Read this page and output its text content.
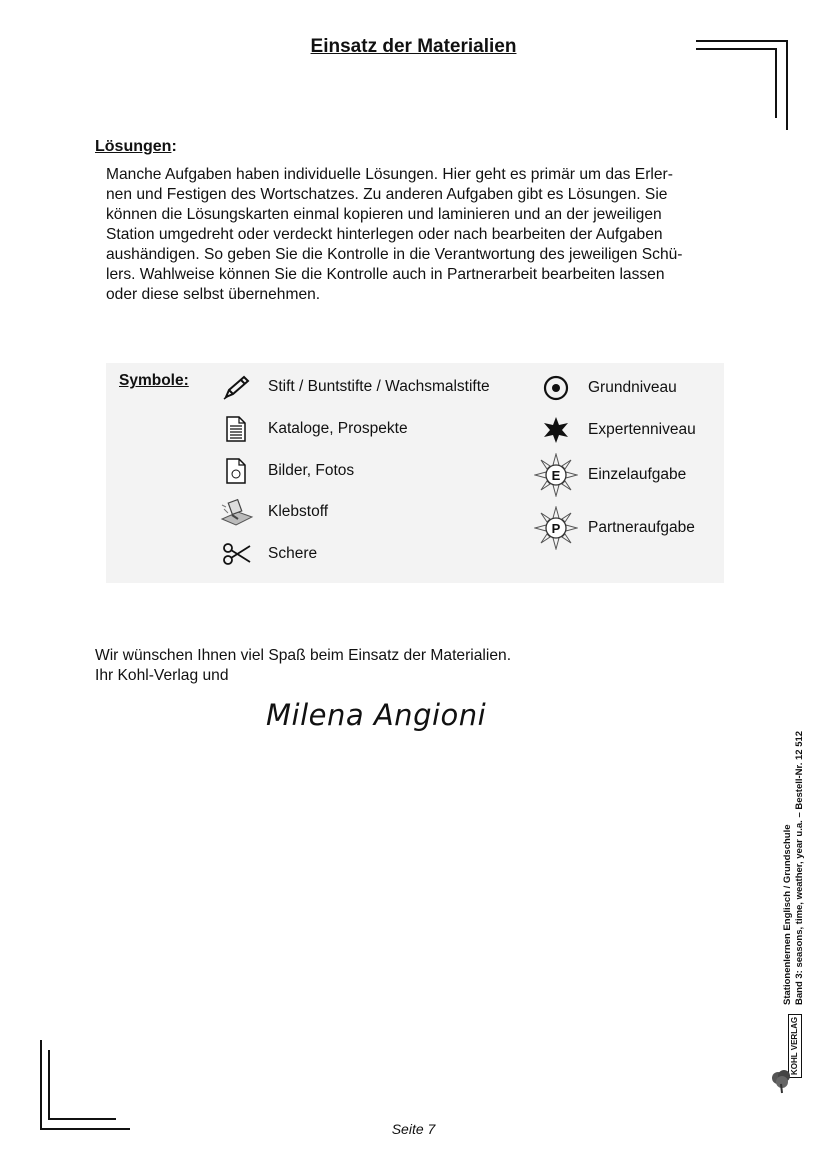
Einsatz der Materialien
Lösungen:
Manche Aufgaben haben individuelle Lösungen. Hier geht es primär um das Erler-
nen und Festigen des Wortschatzes. Zu anderen Aufgaben gibt es Lösungen. Sie
können die Lösungskarten einmal kopieren und laminieren und an der jeweiligen
Station umgedreht oder verdeckt hinterlegen oder nach bearbeiten der Aufgaben
aushändigen. So geben Sie die Kontrolle in die Verantwortung des jeweiligen Schü-
lers. Wahlweise können Sie die Kontrolle auch in Partnerarbeit bearbeiten lassen
oder diese selbst übernehmen.
Symbole:	Stift / Buntstifte / Wachsmalstifte
Kataloge, Prospekte
Bilder, Fotos
Klebstoff
Schere
Grundniveau
Expertenniveau
E Einzelaufgabe
P Partneraufgabe
Wir wünschen Ihnen viel Spaß beim Einsatz der Materialien.
Ihr Kohl-Verlag und
Milena Angioni
Stationenlernen Englisch / Grundschule Band 3: seasons, time, weather, year u.a. – Bestell-Nr. 12 512
KOHL VERLAG
Seite 7
